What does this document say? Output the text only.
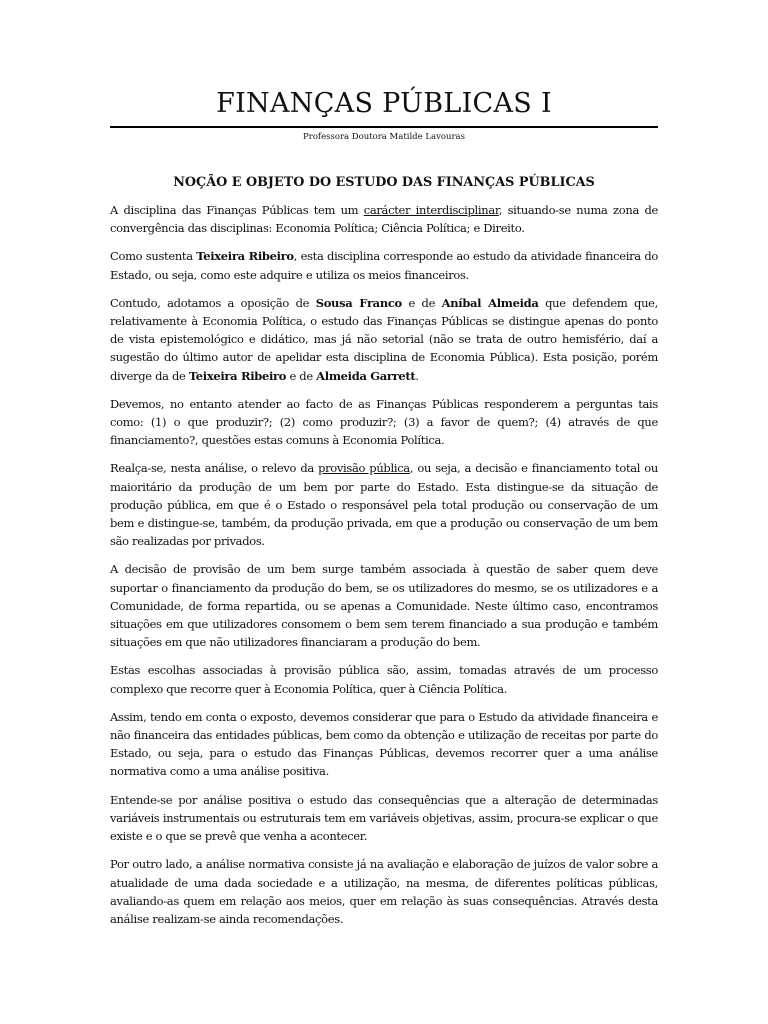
FINANÇAS PÚBLICAS I
Professora Doutora Matilde Lavouras
NOÇÃO E OBJETO DO ESTUDO DAS FINANÇAS PÚBLICAS

A disciplina das Finanças Públicas tem um carácter interdisciplinar, situando-se numa zona de convergência das disciplinas: Economia Política; Ciência Política; e Direito.

Como sustenta Teixeira Ribeiro, esta disciplina corresponde ao estudo da atividade financeira do Estado, ou seja, como este adquire e utiliza os meios financeiros.

Contudo, adotamos a oposição de Sousa Franco e de Aníbal Almeida que defendem que, relativamente à Economia Política, o estudo das Finanças Públicas se distingue apenas do ponto de vista epistemológico e didático, mas já não setorial (não se trata de outro hemisfério, daí a sugestão do último autor de apelidar esta disciplina de Economia Pública). Esta posição, porém diverge da de Teixeira Ribeiro e de Almeida Garrett.

Devemos, no entanto atender ao facto de as Finanças Públicas responderem a perguntas tais como: (1) o que produzir?; (2) como produzir?; (3) a favor de quem?; (4) através de que financiamento?, questões estas comuns à Economia Política.

Realça-se, nesta análise, o relevo da provisão pública, ou seja, a decisão e financiamento total ou maioritário da produção de um bem por parte do Estado. Esta distingue-se da situação de produção pública, em que é o Estado o responsável pela total produção ou conservação de um bem e distingue-se, também, da produção privada, em que a produção ou conservação de um bem são realizadas por privados.

A decisão de provisão de um bem surge também associada à questão de saber quem deve suportar o financiamento da produção do bem, se os utilizadores do mesmo, se os utilizadores e a Comunidade, de forma repartida, ou se apenas a Comunidade. Neste último caso, encontramos situações em que utilizadores consomem o bem sem terem financiado a sua produção e também situações em que não utilizadores financiaram a produção do bem.

Estas escolhas associadas à provisão pública são, assim, tomadas através de um processo complexo que recorre quer à Economia Política, quer à Ciência Política.

Assim, tendo em conta o exposto, devemos considerar que para o Estudo da atividade financeira e não financeira das entidades públicas, bem como da obtenção e utilização de receitas por parte do Estado, ou seja, para o estudo das Finanças Públicas, devemos recorrer quer a uma análise normativa como a uma análise positiva.

Entende-se por análise positiva o estudo das consequências que a alteração de determinadas variáveis instrumentais ou estruturais tem em variáveis objetivas, assim, procura-se explicar o que existe e o que se prevê que venha a acontecer.

Por outro lado, a análise normativa consiste já na avaliação e elaboração de juízos de valor sobre a atualidade de uma dada sociedade e a utilização, na mesma, de diferentes políticas públicas, avaliando-as quem em relação aos meios, quer em relação às suas consequências. Através desta análise realizam-se ainda recomendações.
